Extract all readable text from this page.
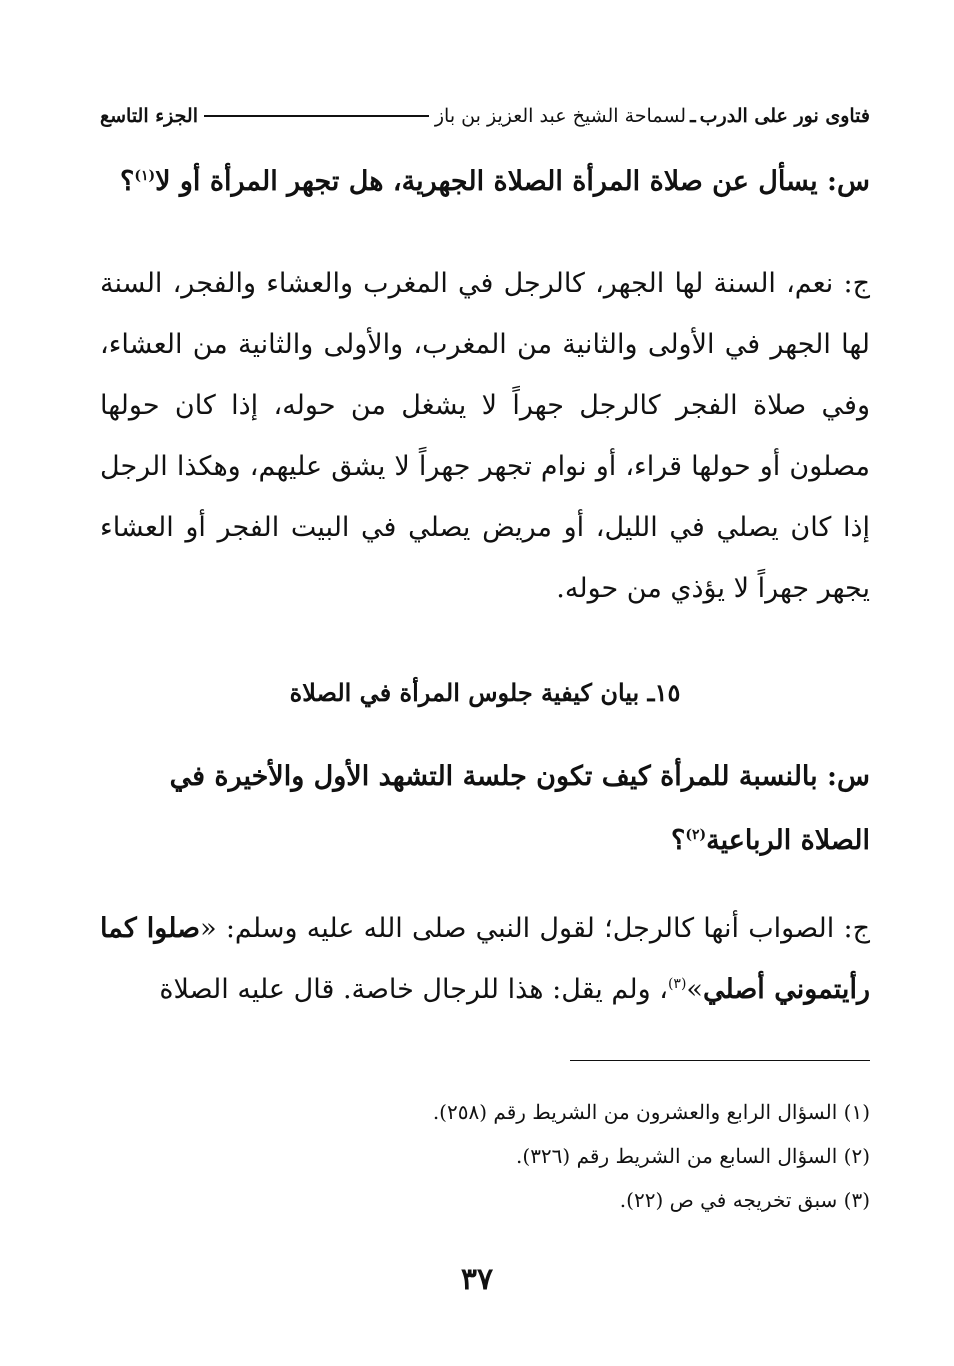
فتاوى نور على الدرب
ـ
لسماحة الشيخ عبد العزيز بن باز
الجزء التاسع
س: يسأل عن صلاة المرأة الصلاة الجهرية، هل تجهر المرأة أو لا$^{(١)}$؟
ج: نعم، السنة لها الجهر، كالرجل في المغرب والعشاء والفجر، السنة لها الجهر في الأولى والثانية من المغرب، والأولى والثانية من العشاء، وفي صلاة الفجر كالرجل جهراً لا يشغل من حوله، إذا كان حولها مصلون أو حولها قراء، أو نوام تجهر جهراً لا يشق عليهم، وهكذا الرجل إذا كان يصلي في الليل، أو مريض يصلي في البيت الفجر أو العشاء يجهر جهراً لا يؤذي من حوله.
١٥ـ بيان كيفية جلوس المرأة في الصلاة
س: بالنسبة للمرأة كيف تكون جلسة التشهد الأول والأخيرة في الصلاة الرباعية$^{(٢)}$؟
ج: الصواب أنها كالرجل؛ لقول النبي صلى الله عليه وسلم: «صلوا كما رأيتموني أصلي»$^{(٣)}$، ولم يقل: هذا للرجال خاصة. قال عليه الصلاة
(١) السؤال الرابع والعشرون من الشريط رقم (٢٥٨).
(٢) السؤال السابع من الشريط رقم (٣٢٦).
(٣) سبق تخريجه في ص (٢٢).
٣٧
